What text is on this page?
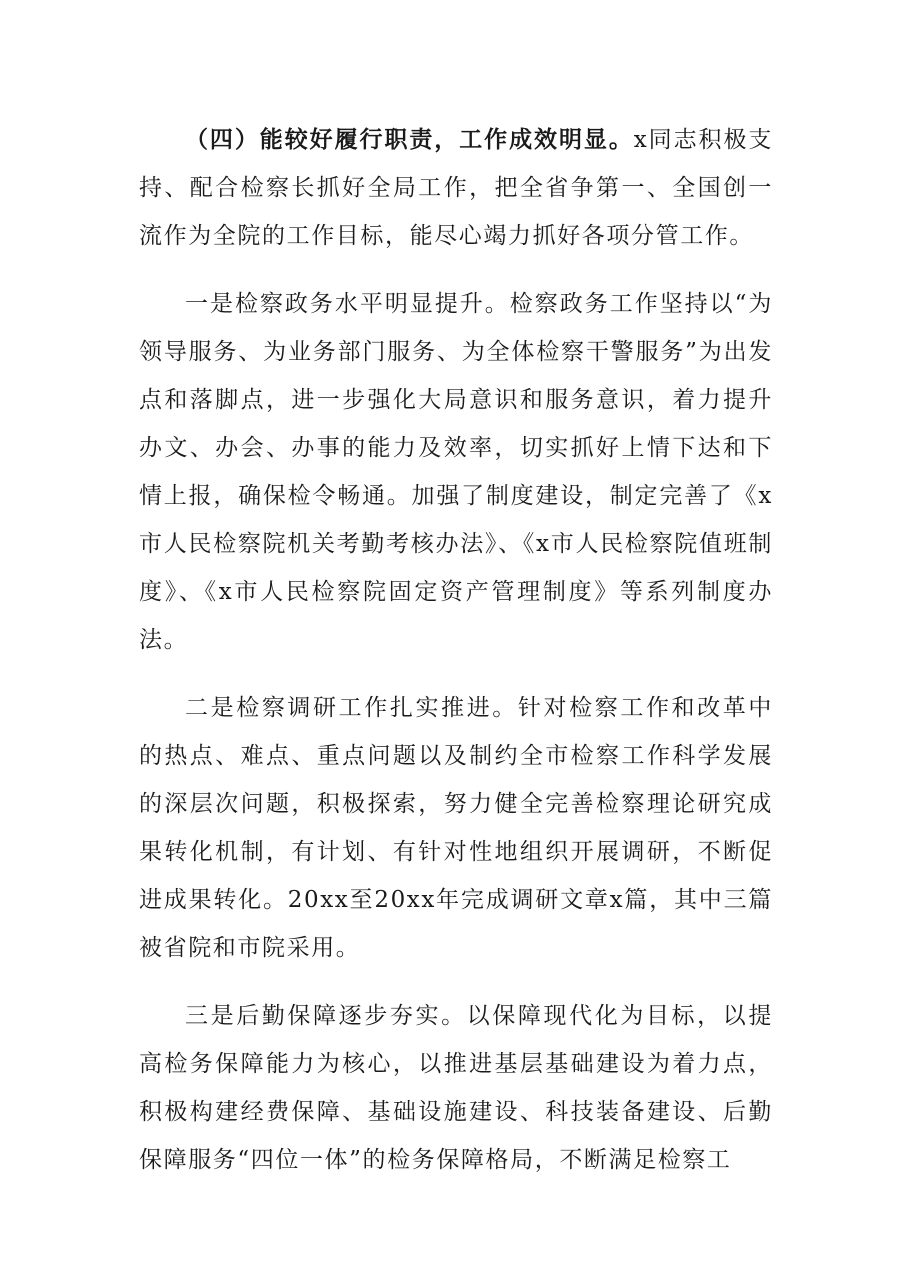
（四）能较好履行职责，工作成效明显。x同志积极支持、配合检察长抓好全局工作，把全省争第一、全国创一流作为全院的工作目标，能尽心竭力抓好各项分管工作。

一是检察政务水平明显提升。检察政务工作坚持以“为领导服务、为业务部门服务、为全体检察干警服务”为出发点和落脚点，进一步强化大局意识和服务意识，着力提升办文、办会、办事的能力及效率，切实抓好上情下达和下情上报，确保检令畅通。加强了制度建设，制定完善了《x市人民检察院机关考勤考核办法》、《x市人民检察院值班制度》、《x市人民检察院固定资产管理制度》等系列制度办法。

二是检察调研工作扎实推进。针对检察工作和改革中的热点、难点、重点问题以及制约全市检察工作科学发展的深层次问题，积极探索，努力健全完善检察理论研究成果转化机制，有计划、有针对性地组织开展调研，不断促进成果转化。20xx至20xx年完成调研文章x篇，其中三篇被省院和市院采用。

三是后勤保障逐步夯实。以保障现代化为目标，以提高检务保障能力为核心，以推进基层基础建设为着力点，积极构建经费保障、基础设施建设、科技装备建设、后勤保障服务“四位一体”的检务保障格局，不断满足检察工
